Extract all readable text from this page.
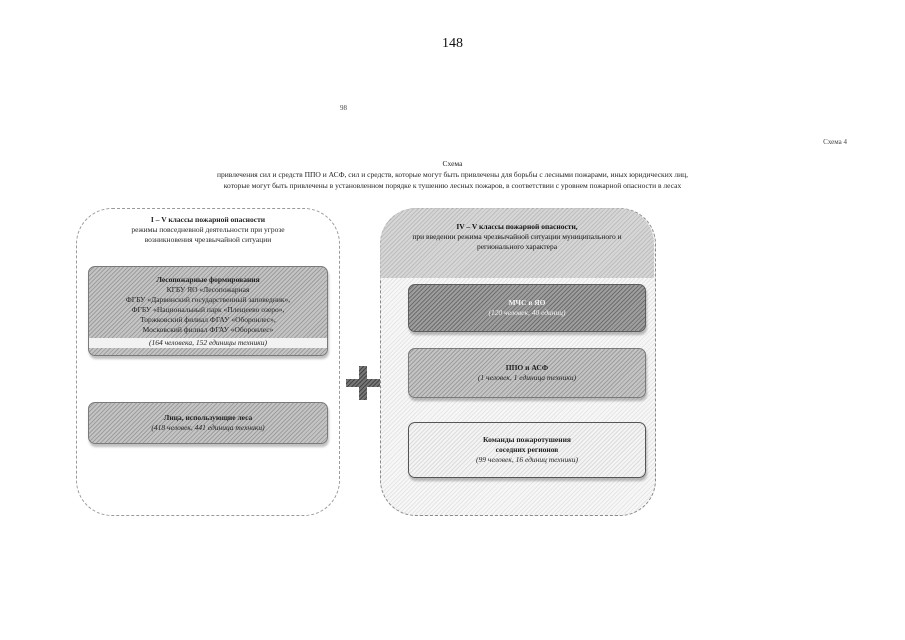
148
98
Схема 4
Схема
привлечения сил и средств ППО и АСФ, сил и средств, которые могут быть привлечены для борьбы с лесными пожарами, иных юридических лиц,
которые могут быть привлечены в установленном порядке к тушению лесных пожаров, в соответствии с уровнем пожарной опасности в лесах
I – V классы пожарной опасности
режимы повседневной деятельности при угрозе
возникновения чрезвычайной ситуации
Лесопожарные формирования
КГБУ ЯО «Лесопожарная
ФГБУ «Дарвинский государственный заповедник»,
ФГБУ «Национальный парк «Плещеево озеро»,
Торжковский филиал ФГАУ «Оборонлес»,
Московский филиал ФГАУ «Оборонлес»
(164 человека, 152 единицы техники)
Лица, использующие леса
(418 человек, 441 единица техники)
IV – V классы пожарной опасности,
при введении режима чрезвычайной ситуации муниципального и
регионального характера
МЧС в ЯО
(120 человек, 40 единиц)
ППО и АСФ
(1 человек, 1 единица техники)
Команды пожаротушения
соседних регионов
(99 человек, 16 единиц техники)
